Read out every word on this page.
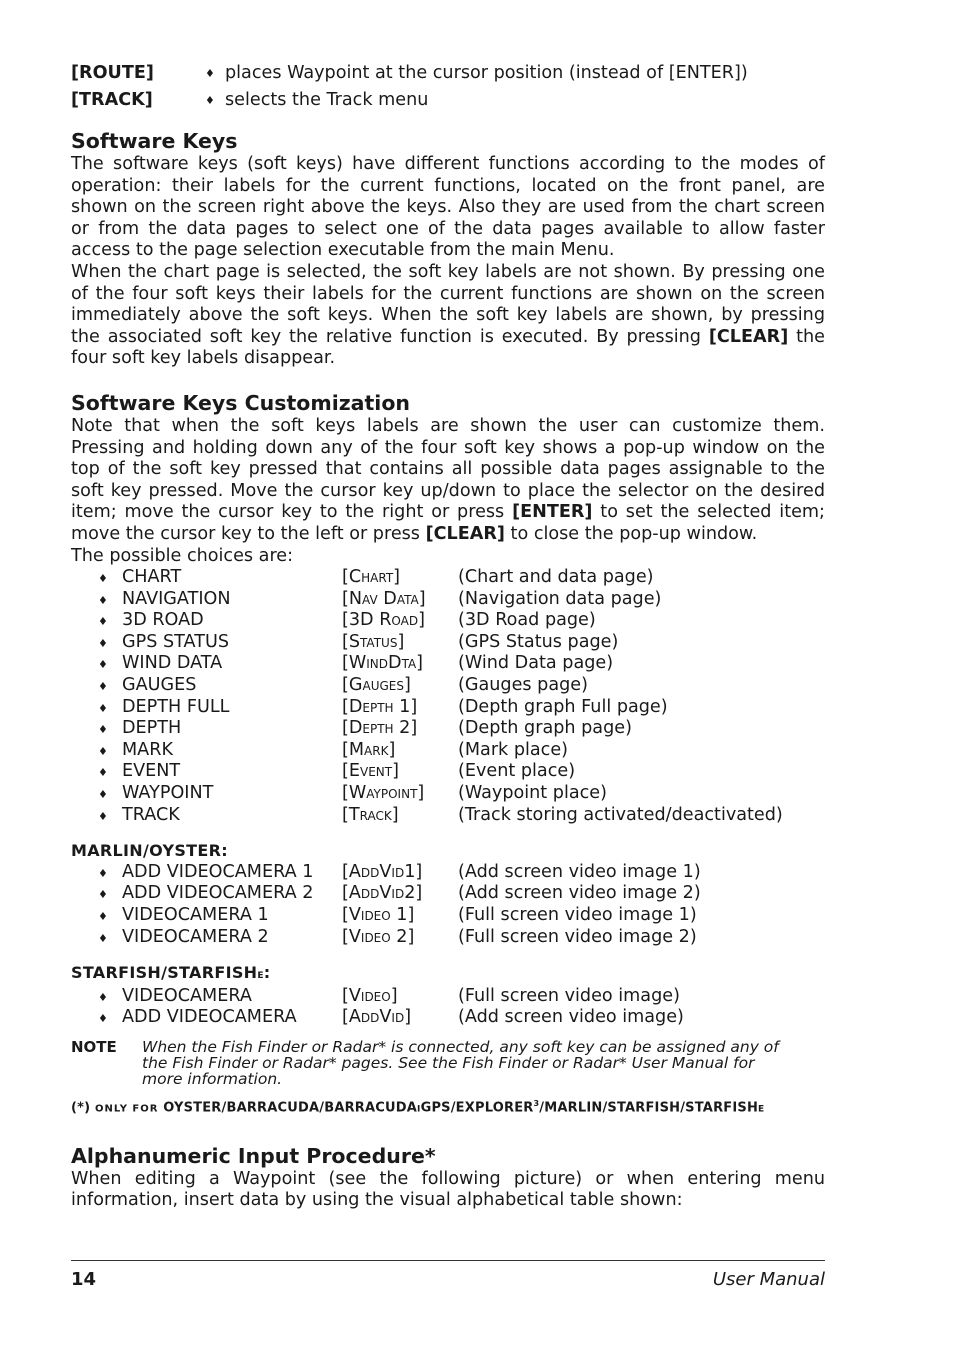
[ROUTE]	♦ places Waypoint at the cursor position (instead of [ENTER])
[TRACK]	♦ selects the Track menu
Software Keys

The software keys (soft keys) have different functions according to the modes of operation: their labels for the current functions, located on the front panel, are shown on the screen right above the keys. Also they are used from the chart screen or from the data pages to select one of the data pages available to allow faster access to the page selection executable from the main Menu.

When the chart page is selected, the soft key labels are not shown. By pressing one of the four soft keys their labels for the current functions are shown on the screen immediately above the soft keys. When the soft key labels are shown, by pressing the associated soft key the relative function is executed. By pressing [CLEAR] the four soft key labels disappear.

Software Keys Customization

Note that when the soft keys labels are shown the user can customize them. Pressing and holding down any of the four soft key shows a pop-up window on the top of the soft key pressed that contains all possible data pages assignable to the soft key pressed. Move the cursor key up/down to place the selector on the desired item; move the cursor key to the right or press [ENTER] to set the selected item; move the cursor key to the left or press [CLEAR] to close the pop-up window.

The possible choices are:

♦ CHART	[Chart]	(Chart and data page)
♦ NAVIGATION	[Nav Data]	(Navigation data page)
♦ 3D ROAD	[3D Road]	(3D Road page)
♦ GPS STATUS	[Status]	(GPS Status page)
♦ WIND DATA	[WindDta]	(Wind Data page)
♦ GAUGES	[Gauges]	(Gauges page)
♦ DEPTH FULL	[Depth 1]	(Depth graph Full page)
♦ DEPTH	[Depth 2]	(Depth graph page)
♦ MARK	[Mark]	(Mark place)
♦ EVENT	[Event]	(Event place)
♦ WAYPOINT	[Waypoint]	(Waypoint place)
♦ TRACK	[Track]	(Track storing activated/deactivated)
MARLIN/OYSTER:
♦ ADD VIDEOCAMERA 1	[AddVid1]	(Add screen video image 1)
♦ ADD VIDEOCAMERA 2	[AddVid2]	(Add screen video image 2)
♦ VIDEOCAMERA 1	[Video 1]	(Full screen video image 1)
♦ VIDEOCAMERA 2	[Video 2]	(Full screen video image 2)
STARFISH/STARFISHe:
♦ VIDEOCAMERA	[Video]	(Full screen video image)
♦ ADD VIDEOCAMERA	[AddVid]	(Add screen video image)
NOTE	When the Fish Finder or Radar* is connected, any soft key can be assigned any of the Fish Finder or Radar* pages. See the Fish Finder or Radar* User Manual for more information.
(*) ONLY FOR OYSTER/BARRACUDA/BARRACUDAIGPS/EXPLORER$^3$/MARLIN/STARFISH/STARFISHE
Alphanumeric Input Procedure*

When editing a Waypoint (see the following picture) or when entering menu information, insert data by using the visual alphabetical table shown:

14	User Manual
